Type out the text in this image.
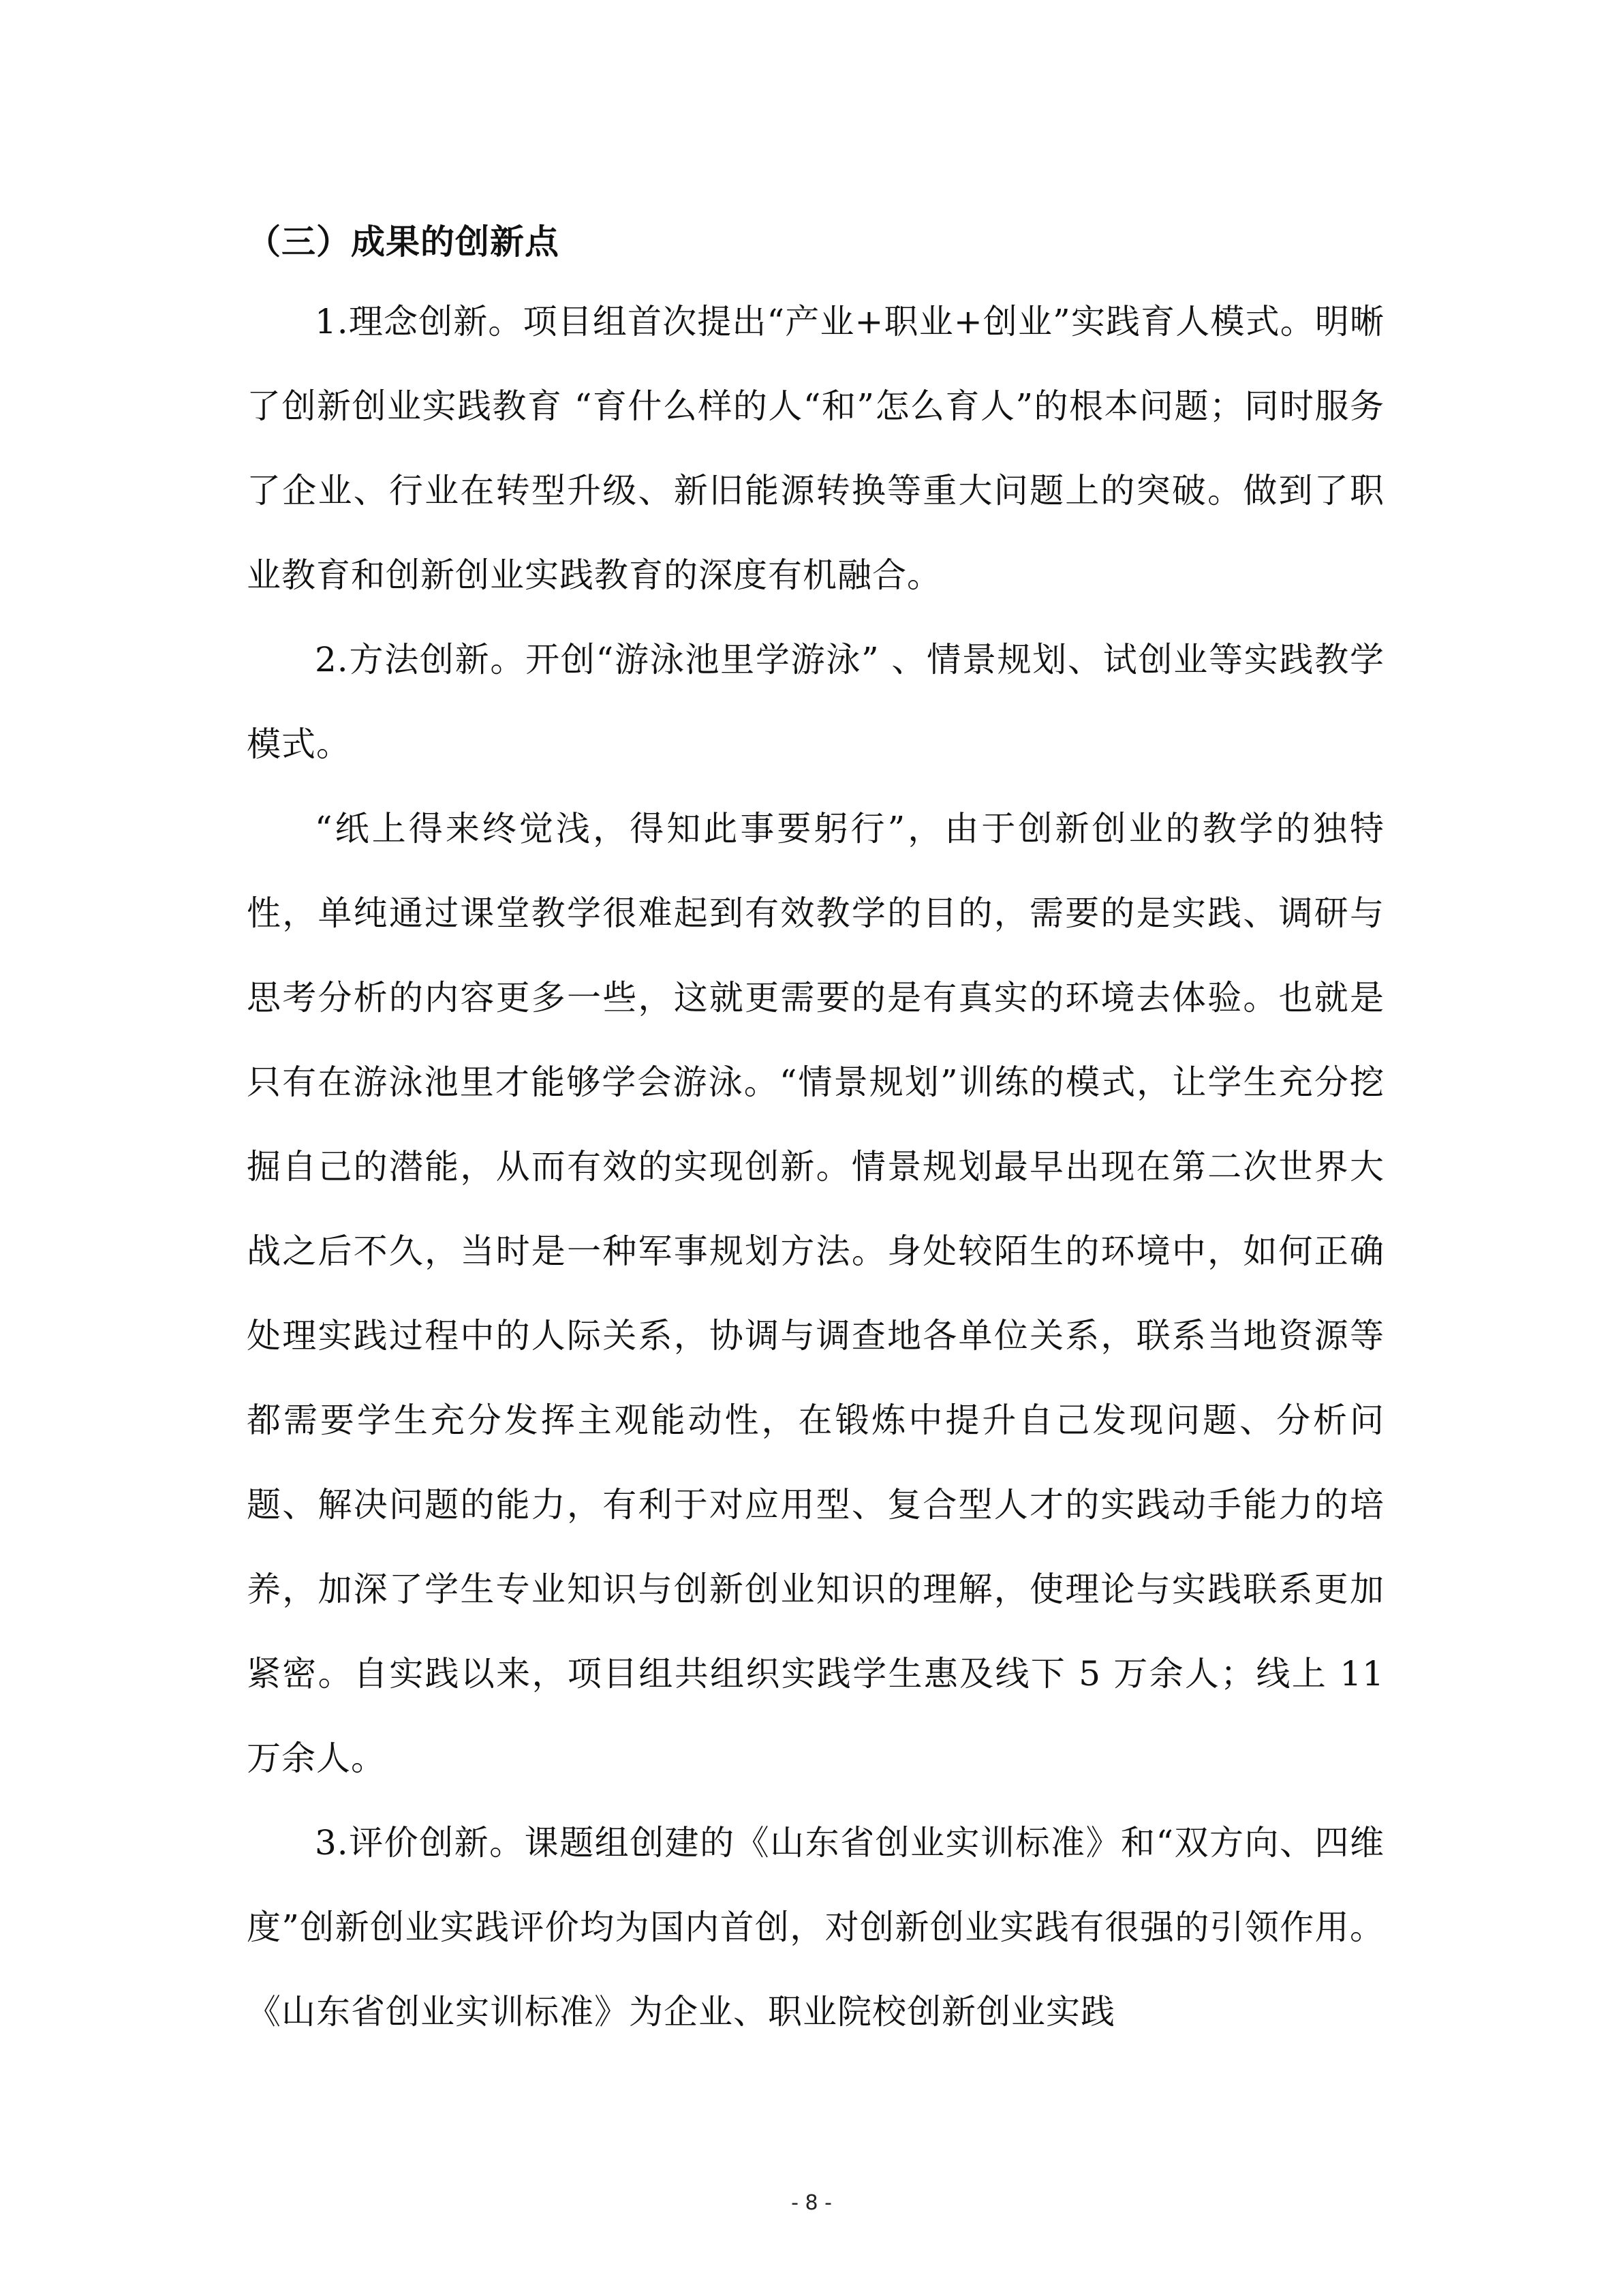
（三）成果的创新点

1.理念创新。项目组首次提出“产业+职业+创业”实践育人模式。明晰了创新创业实践教育 “育什么样的人“和”怎么育人”的根本问题；同时服务了企业、行业在转型升级、新旧能源转换等重大问题上的突破。做到了职业教育和创新创业实践教育的深度有机融合。

2.方法创新。开创“游泳池里学游泳” 、情景规划、试创业等实践教学模式。

“纸上得来终觉浅，得知此事要躬行”，由于创新创业的教学的独特性，单纯通过课堂教学很难起到有效教学的目的，需要的是实践、调研与思考分析的内容更多一些，这就更需要的是有真实的环境去体验。也就是只有在游泳池里才能够学会游泳。“情景规划”训练的模式，让学生充分挖掘自己的潜能，从而有效的实现创新。情景规划最早出现在第二次世界大战之后不久，当时是一种军事规划方法。身处较陌生的环境中，如何正确处理实践过程中的人际关系，协调与调查地各单位关系，联系当地资源等都需要学生充分发挥主观能动性，在锻炼中提升自己发现问题、分析问题、解决问题的能力，有利于对应用型、复合型人才的实践动手能力的培养，加深了学生专业知识与创新创业知识的理解，使理论与实践联系更加紧密。自实践以来，项目组共组织实践学生惠及线下 5 万余人；线上 11 万余人。

3.评价创新。课题组创建的《山东省创业实训标准》和“双方向、四维度”创新创业实践评价均为国内首创，对创新创业实践有很强的引领作用。《山东省创业实训标准》为企业、职业院校创新创业实践

- 8 -
